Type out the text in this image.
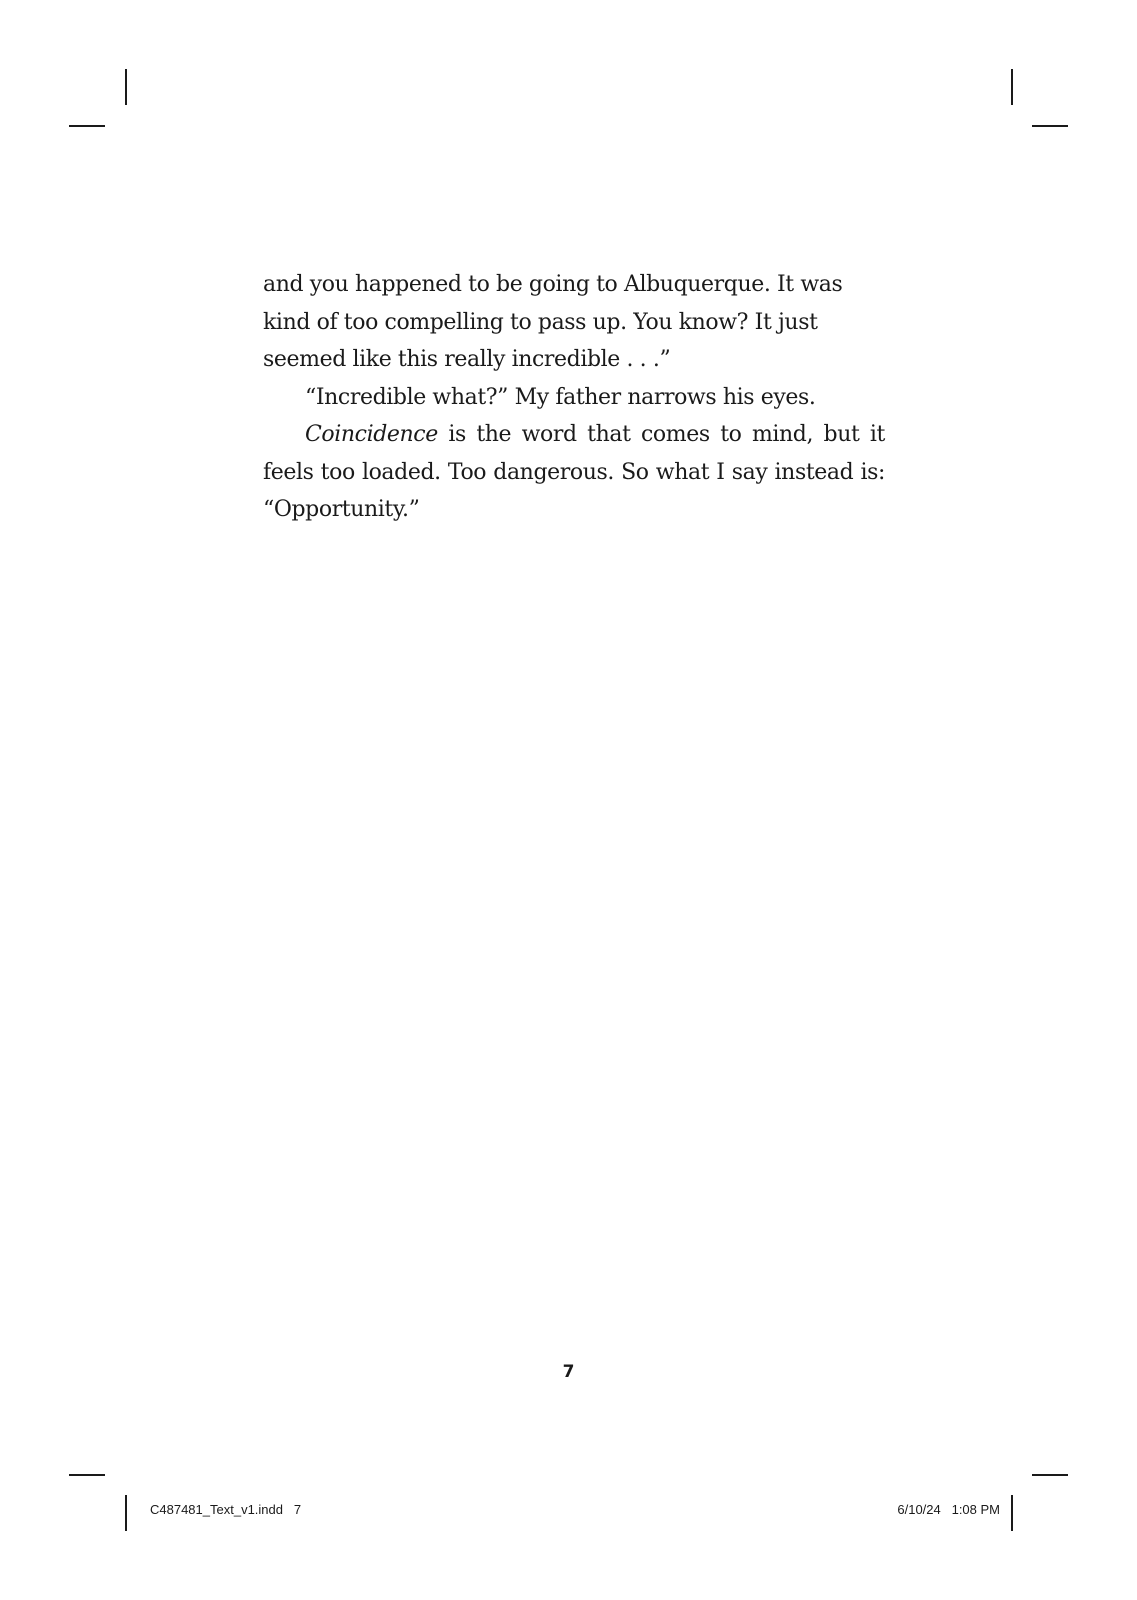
and you happened to be going to Albuquerque. It was kind of too compelling to pass up. You know? It just seemed like this really incredible . . .”

“Incredible what?” My father narrows his eyes.

Coincidence is the word that comes to mind, but it feels too loaded. Too dangerous. So what I say instead is: “Opportunity.”

7
C487481_Text_v1.indd   7	6/10/24   1:08 PM
